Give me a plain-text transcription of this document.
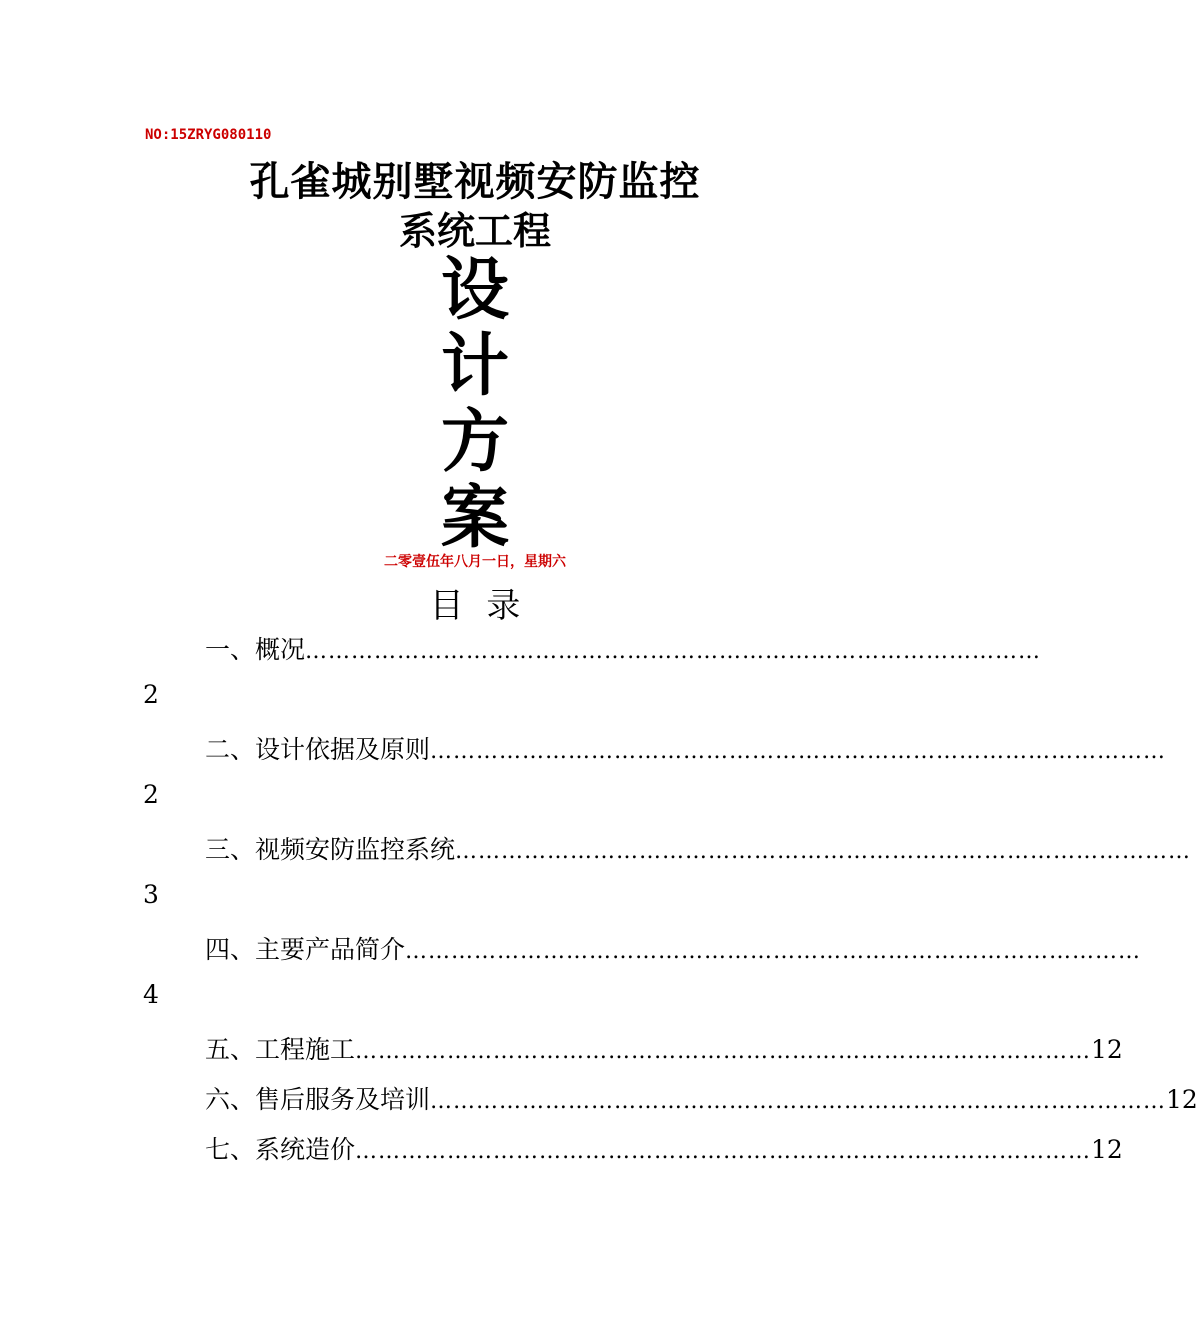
NO:15ZRYG080110
孔雀城别墅视频安防监控
系统工程
设
计
方
案
二零壹伍年八月一日，星期六
目 录
一、概况 ……………………………………………………………………………………
2
二、设计依据及原则 ……………………………………………………………………………………
2
三、视频安防监控系统 ……………………………………………………………………………………
3
四、主要产品简介 ……………………………………………………………………………………
4
五、工程施工 …………………………………………………………………………………… 12
六、售后服务及培训 …………………………………………………………………………………… 12
七、系统造价 …………………………………………………………………………………… 12
